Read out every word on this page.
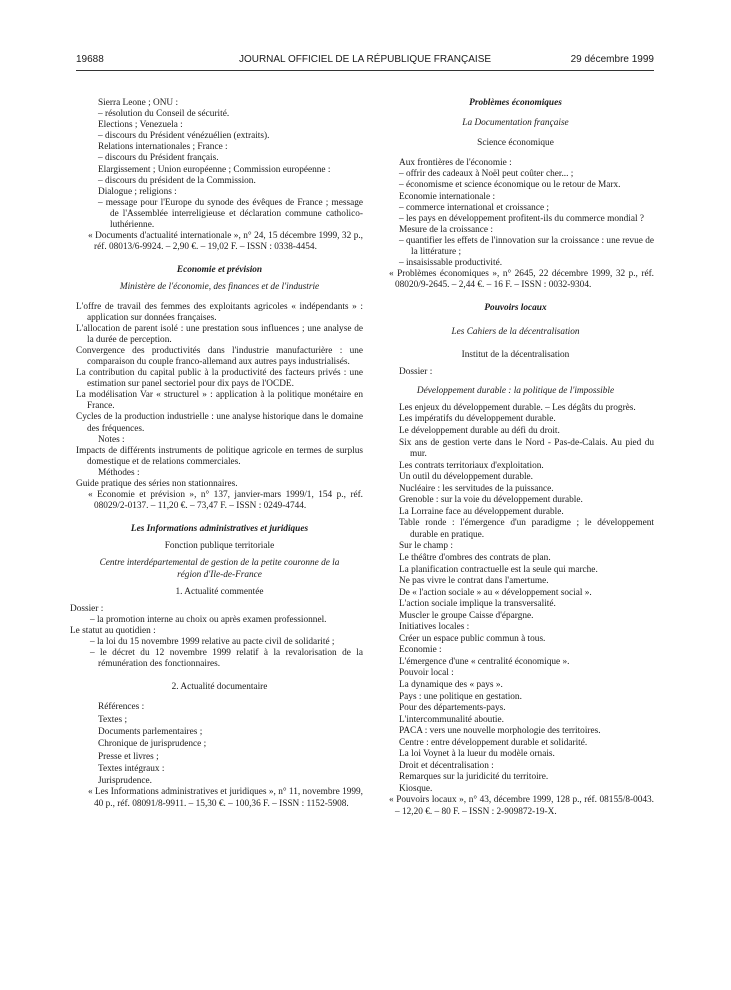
19688	JOURNAL OFFICIEL DE LA RÉPUBLIQUE FRANÇAISE	29 décembre 1999

Sierra Leone ; ONU :

– résolution du Conseil de sécurité.

Elections ; Venezuela :

– discours du Président vénézuélien (extraits).

Relations internationales ; France :

– discours du Président français.

Elargissement ; Union européenne ; Commission européenne :

– discours du président de la Commission.

Dialogue ; religions :

– message pour l'Europe du synode des évêques de France ; message de l'Assemblée interreligieuse et déclaration commune catholico-luthérienne.

« Documents d'actualité internationale », n° 24, 15 décembre 1999, 32 p., réf. 08013/6-9924. – 2,90 €. – 19,02 F. – ISSN : 0338-4454.

Economie et prévision

Ministère de l'économie, des finances et de l'industrie

L'offre de travail des femmes des exploitants agricoles « indépendants » : application sur données françaises.

L'allocation de parent isolé : une prestation sous influences ; une analyse de la durée de perception.

Convergence des productivités dans l'industrie manufacturière : une comparaison du couple franco-allemand aux autres pays industrialisés.

La contribution du capital public à la productivité des facteurs privés : une estimation sur panel sectoriel pour dix pays de l'OCDE.

La modélisation Var « structurel » : application à la politique monétaire en France.

Cycles de la production industrielle : une analyse historique dans le domaine des fréquences.

Notes :

Impacts de différents instruments de politique agricole en termes de surplus domestique et de relations commerciales.

Méthodes :

Guide pratique des séries non stationnaires.

« Economie et prévision », n° 137, janvier-mars 1999/1, 154 p., réf. 08029/2-0137. – 11,20 €. – 73,47 F. – ISSN : 0249-4744.

Les Informations administratives et juridiques

Fonction publique territoriale

Centre interdépartemental de gestion de la petite couronne de la région d'Ile-de-France

1. Actualité commentée

Dossier :

– la promotion interne au choix ou après examen professionnel.

Le statut au quotidien :

– la loi du 15 novembre 1999 relative au pacte civil de solidarité ;

– le décret du 12 novembre 1999 relatif à la revalorisation de la rémunération des fonctionnaires.

2. Actualité documentaire

Références :

Textes ;

Documents parlementaires ;

Chronique de jurisprudence ;

Presse et livres ;

Textes intégraux :

Jurisprudence.

« Les Informations administratives et juridiques », n° 11, novembre 1999, 40 p., réf. 08091/8-9911. – 15,30 €. – 100,36 F. – ISSN : 1152-5908.

Problèmes économiques

La Documentation française

Science économique

Aux frontières de l'économie :

– offrir des cadeaux à Noël peut coûter cher... ;

– économisme et science économique ou le retour de Marx.

Economie internationale :

– commerce international et croissance ;

– les pays en développement profitent-ils du commerce mondial ?

Mesure de la croissance :

– quantifier les effets de l'innovation sur la croissance : une revue de la littérature ;

– insaisissable productivité.

« Problèmes économiques », n° 2645, 22 décembre 1999, 32 p., réf. 08020/9-2645. – 2,44 €. – 16 F. – ISSN : 0032-9304.

Pouvoirs locaux

Les Cahiers de la décentralisation

Institut de la décentralisation

Dossier :

Développement durable : la politique de l'impossible

Les enjeux du développement durable. – Les dégâts du progrès.

Les impératifs du développement durable.

Le développement durable au défi du droit.

Six ans de gestion verte dans le Nord - Pas-de-Calais. Au pied du mur.

Les contrats territoriaux d'exploitation.

Un outil du développement durable.

Nucléaire : les servitudes de la puissance.

Grenoble : sur la voie du développement durable.

La Lorraine face au développement durable.

Table ronde : l'émergence d'un paradigme ; le développement durable en pratique.

Sur le champ :

Le théâtre d'ombres des contrats de plan.

La planification contractuelle est la seule qui marche.

Ne pas vivre le contrat dans l'amertume.

De « l'action sociale » au « développement social ».

L'action sociale implique la transversalité.

Muscler le groupe Caisse d'épargne.

Initiatives locales :

Créer un espace public commun à tous.

Economie :

L'émergence d'une « centralité économique ».

Pouvoir local :

La dynamique des « pays ».

Pays : une politique en gestation.

Pour des départements-pays.

L'intercommunalité aboutie.

PACA : vers une nouvelle morphologie des territoires.

Centre : entre développement durable et solidarité.

La loi Voynet à la lueur du modèle ornais.

Droit et décentralisation :

Remarques sur la juridicité du territoire.

Kiosque.

« Pouvoirs locaux », n° 43, décembre 1999, 128 p., réf. 08155/8-0043. – 12,20 €. – 80 F. – ISSN : 2-909872-19-X.
